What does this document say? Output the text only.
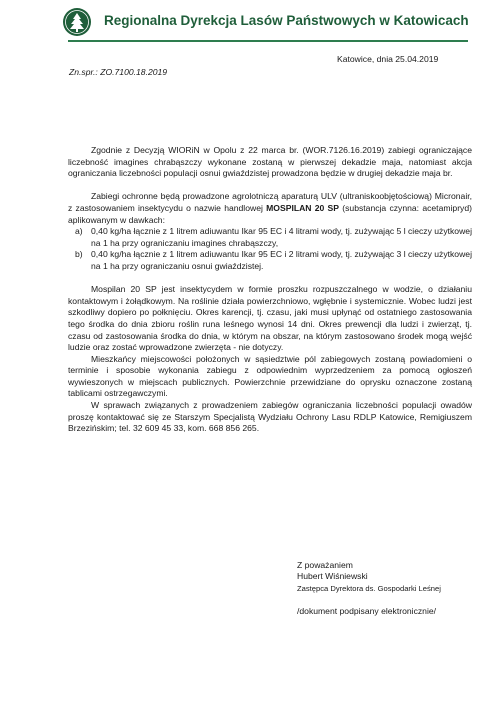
Regionalna Dyrekcja Lasów Państwowych w Katowicach
Katowice, dnia 25.04.2019
Zn.spr.: ZO.7100.18.2019

Zgodnie z Decyzją WIORiN w Opolu z 22 marca br. (WOR.7126.16.2019) zabiegi ograniczające liczebność imagines chrabąszczy wykonane zostaną w pierwszej dekadzie maja, natomiast akcja ograniczania liczebności populacji osnui gwiaździstej prowadzona będzie w drugiej dekadzie maja br.

Zabiegi ochronne będą prowadzone agrolotniczą aparaturą ULV (ultraniskoobjętościową) Micronair, z zastosowaniem insektycydu o nazwie handlowej MOSPILAN 20 SP (substancja czynna: acetamipryd) aplikowanym w dawkach:

a) 0,40 kg/ha łącznie z 1 litrem adiuwantu Ikar 95 EC i 4 litrami wody, tj. zużywając 5 l cieczy użytkowej na 1 ha przy ograniczaniu imagines chrabąszczy,
b) 0,40 kg/ha łącznie z 1 litrem adiuwantu Ikar 95 EC i 2 litrami wody, tj. zużywając 3 l cieczy użytkowej na 1 ha przy ograniczaniu osnui gwiaździstej.

Mospilan 20 SP jest insektycydem w formie proszku rozpuszczalnego w wodzie, o działaniu kontaktowym i żołądkowym. Na roślinie działa powierzchniowo, wgłębnie i systemicznie. Wobec ludzi jest szkodliwy dopiero po połknięciu. Okres karencji, tj. czasu, jaki musi upłynąć od ostatniego zastosowania tego środka do dnia zbioru roślin runa leśnego wynosi 14 dni. Okres prewencji dla ludzi i zwierząt, tj. czasu od zastosowania środka do dnia, w którym na obszar, na którym zastosowano środek mogą wejść ludzie oraz zostać wprowadzone zwierzęta - nie dotyczy.

Mieszkańcy miejscowości położonych w sąsiedztwie pól zabiegowych zostaną powiadomieni o terminie i sposobie wykonania zabiegu z odpowiednim wyprzedzeniem za pomocą ogłoszeń wywieszonych w miejscach publicznych. Powierzchnie przewidziane do oprysku oznaczone zostaną tablicami ostrzegawczymi.

W sprawach związanych z prowadzeniem zabiegów ograniczania liczebności populacji owadów proszę kontaktować się ze Starszym Specjalistą Wydziału Ochrony Lasu RDLP Katowice, Remigiuszem Brzezińskim; tel. 32 609 45 33, kom. 668 856 265.

Z poważaniem
Hubert Wiśniewski
Zastępca Dyrektora ds. Gospodarki Leśnej
/dokument podpisany elektronicznie/
